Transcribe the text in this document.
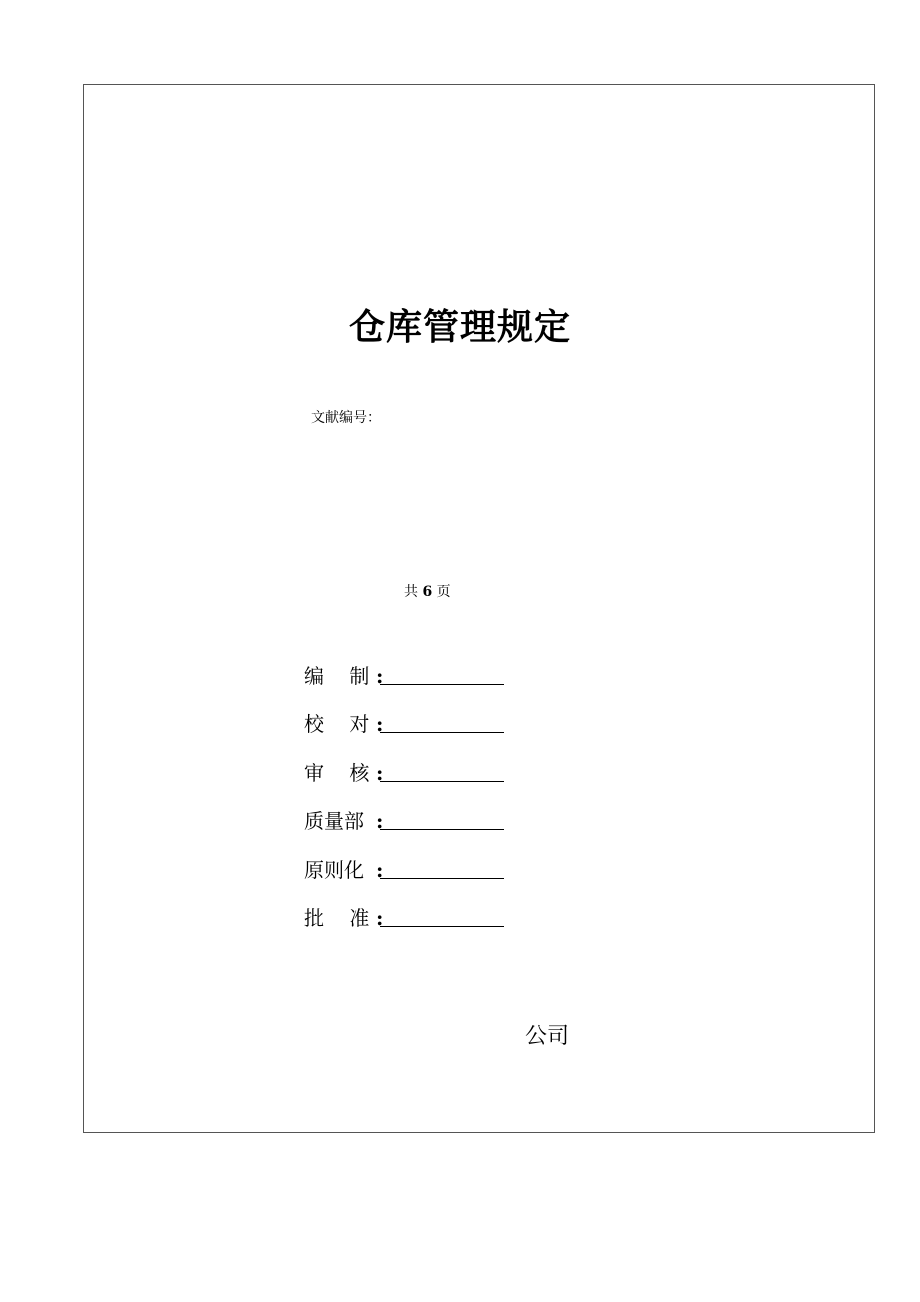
仓库管理规定
文献编号：
共 6 页
编    制 :
校    对 :
审    核 :
质量部 :
原则化 :
批    准 :
公司
